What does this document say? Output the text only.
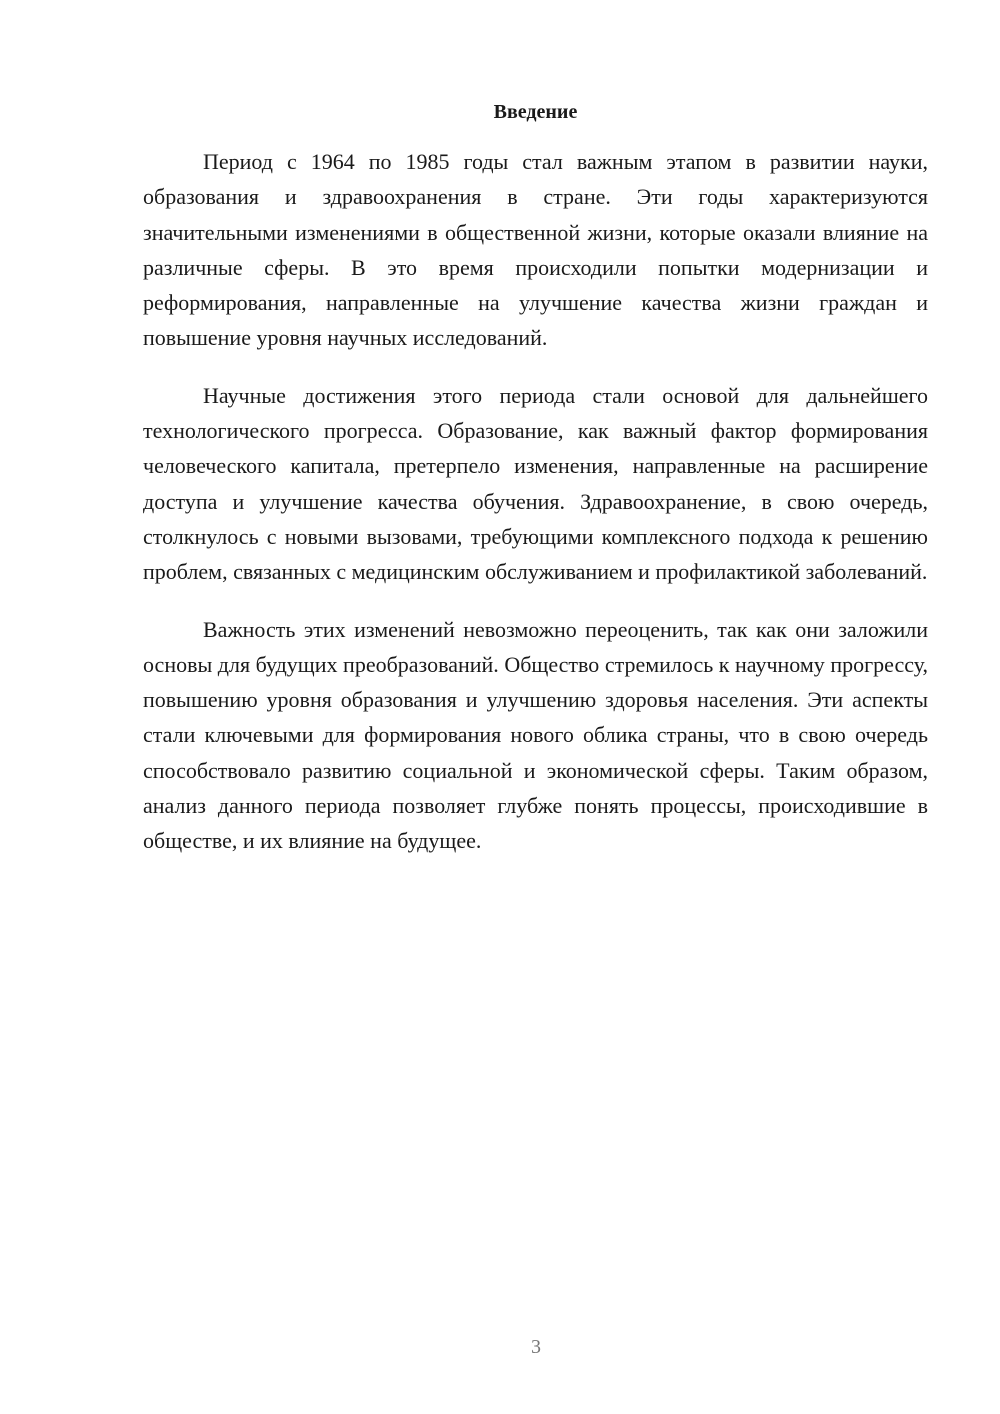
Введение

Период с 1964 по 1985 годы стал важным этапом в развитии науки, образования и здравоохранения в стране. Эти годы характеризуются значительными изменениями в общественной жизни, которые оказали влияние на различные сферы. В это время происходили попытки модернизации и реформирования, направленные на улучшение качества жизни граждан и повышение уровня научных исследований.

Научные достижения этого периода стали основой для дальнейшего технологического прогресса. Образование, как важный фактор формирования человеческого капитала, претерпело изменения, направленные на расширение доступа и улучшение качества обучения. Здравоохранение, в свою очередь, столкнулось с новыми вызовами, требующими комплексного подхода к решению проблем, связанных с медицинским обслуживанием и профилактикой заболеваний.

Важность этих изменений невозможно переоценить, так как они заложили основы для будущих преобразований. Общество стремилось к научному прогрессу, повышению уровня образования и улучшению здоровья населения. Эти аспекты стали ключевыми для формирования нового облика страны, что в свою очередь способствовало развитию социальной и экономической сферы. Таким образом, анализ данного периода позволяет глубже понять процессы, происходившие в обществе, и их влияние на будущее.

3
